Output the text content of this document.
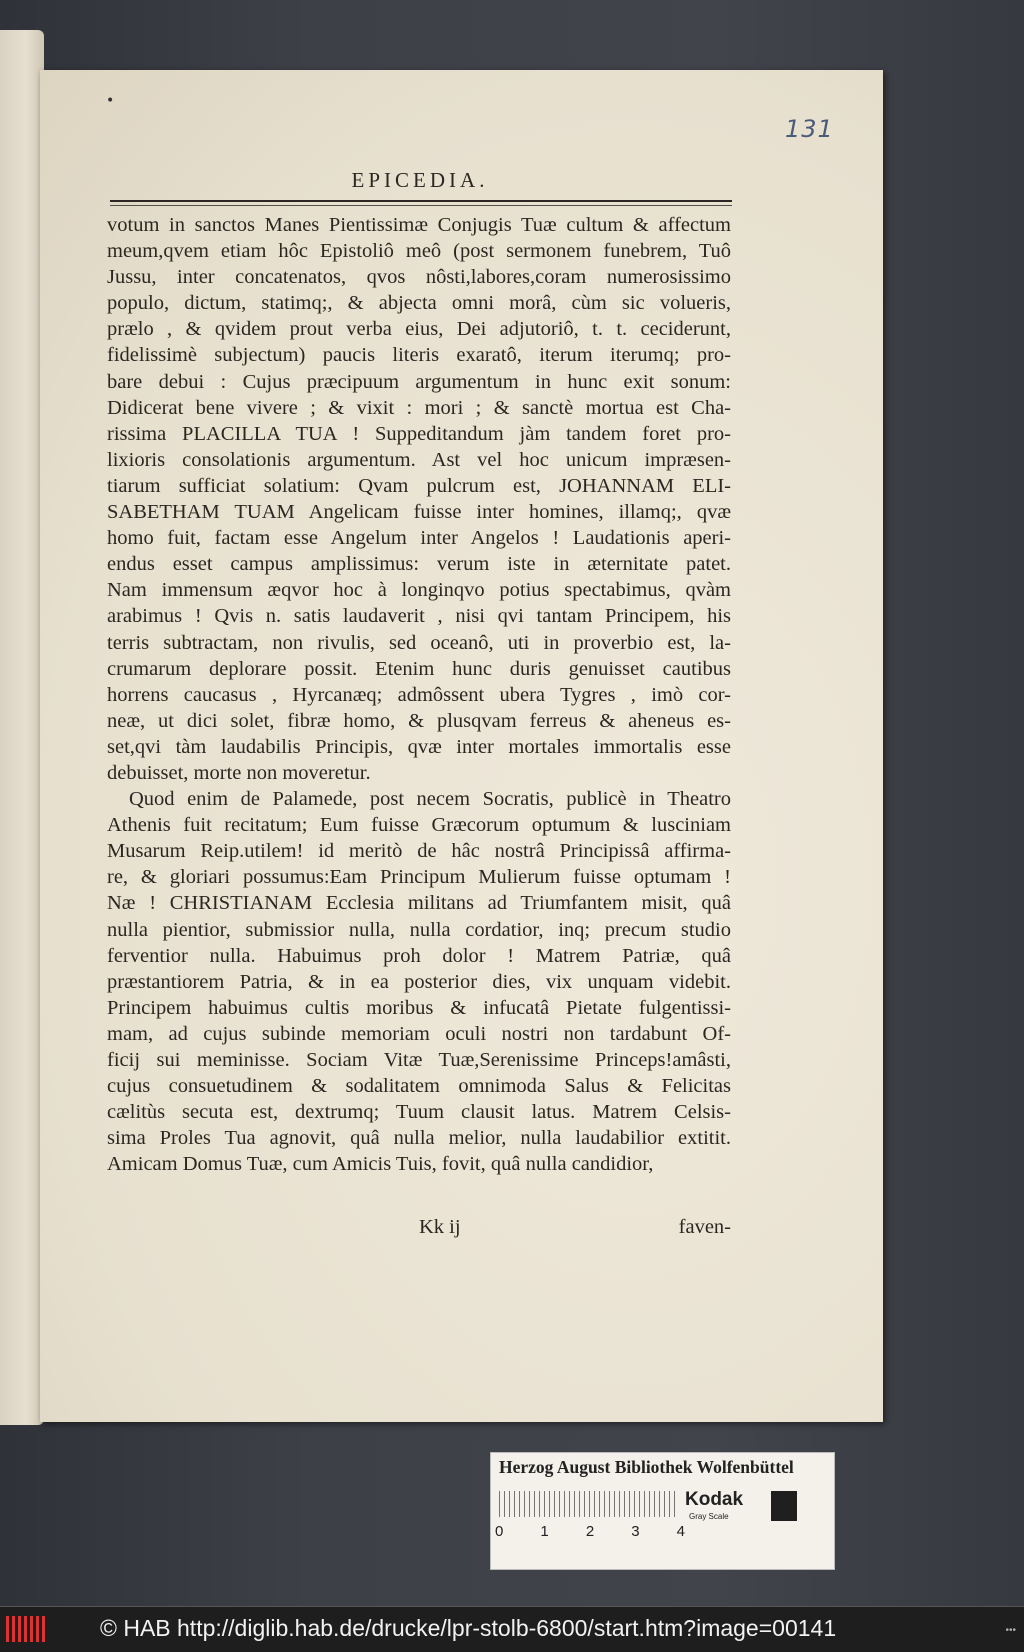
•
131
EPICEDIA.
votum in sanctos Manes Pientissimæ Conjugis Tuæ cultum & affectum
meum,qvem etiam hôc Epistoliô meô (post sermonem funebrem, Tuô
Jussu, inter concatenatos, qvos nôsti,labores,coram numerosissimo
populo, dictum, statimq;, & abjecta omni morâ, cùm sic volueris,
prælo , & qvidem prout verba eius, Dei adjutoriô, t. t. ceciderunt,
fidelissimè subjectum) paucis literis exaratô, iterum iterumq; pro-
bare debui : Cujus præcipuum argumentum in hunc exit sonum:
Didicerat bene vivere ; & vixit : mori ; & sanctè mortua est Cha-
rissima PLACILLA TUA ! Suppeditandum jàm tandem foret pro-
lixioris consolationis argumentum. Ast vel hoc unicum impræsen-
tiarum sufficiat solatium: Qvam pulcrum est, JOHANNAM ELI-
SABETHAM TUAM Angelicam fuisse inter homines, illamq;, qvæ
homo fuit, factam esse Angelum inter Angelos ! Laudationis aperi-
endus esset campus amplissimus: verum iste in æternitate patet.
Nam immensum æqvor hoc à longinqvo potius spectabimus, qvàm
arabimus ! Qvis n. satis laudaverit , nisi qvi tantam Principem, his
terris subtractam, non rivulis, sed oceanô, uti in proverbio est, la-
crumarum deplorare possit. Etenim hunc duris genuisset cautibus
horrens caucasus , Hyrcanæq; admôssent ubera Tygres , imò cor-
neæ, ut dici solet, fibræ homo, & plusqvam ferreus & aheneus es-
set,qvi tàm laudabilis Principis, qvæ inter mortales immortalis esse
debuisset, morte non moveretur.
Quod enim de Palamede, post necem Socratis, publicè in Theatro
Athenis fuit recitatum; Eum fuisse Græcorum optumum & lusciniam
Musarum Reip.utilem! id meritò de hâc nostrâ Principissâ affirma-
re, & gloriari possumus:Eam Principum Mulierum fuisse optumam !
Næ ! CHRISTIANAM Ecclesia militans ad Triumfantem misit, quâ
nulla pientior, submissior nulla, nulla cordatior, inq; precum studio
ferventior nulla. Habuimus proh dolor ! Matrem Patriæ, quâ
præstantiorem Patria, & in ea posterior dies, vix unquam videbit.
Principem habuimus cultis moribus & infucatâ Pietate fulgentissi-
mam, ad cujus subinde memoriam oculi nostri non tardabunt Of-
ficij sui meminisse. Sociam Vitæ Tuæ,Serenissime Princeps!amâsti,
cujus consuetudinem & sodalitatem omnimoda Salus & Felicitas
cælitùs secuta est, dextrumq; Tuum clausit latus. Matrem Celsis-
sima Proles Tua agnovit, quâ nulla melior, nulla laudabilior extitit.
Amicam Domus Tuæ, cum Amicis Tuis, fovit, quâ nulla candidior,
Kk ij	faven-
Herzog August Bibliothek Wolfenbüttel
0 1 2 3 4
Kodak
Gray Scale
© HAB http://diglib.hab.de/drucke/lpr-stolb-6800/start.htm?image=00141	•••
